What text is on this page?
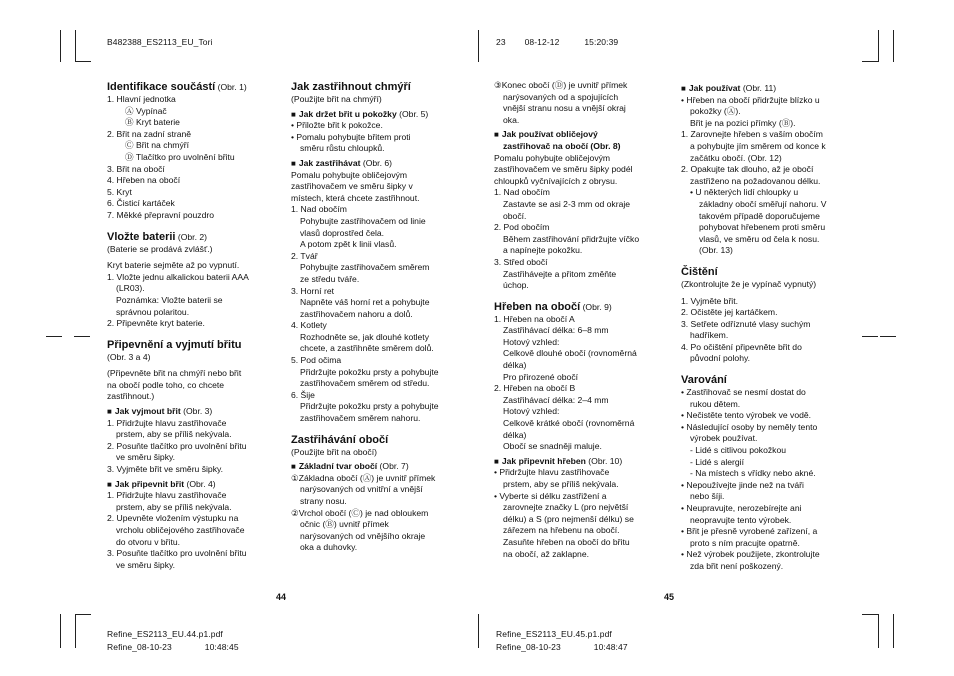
B482388_ES2113_EU_Tori	23 08-12-12	15:20:39

Identifikace součástí (Obr. 1)

1. Hlavní jednotka

Ⓐ Vypínač

Ⓑ Kryt baterie

2. Břit na zadní straně

Ⓒ Břit na chmýří

Ⓓ Tlačítko pro uvolnění břitu

3. Břit na obočí

4. Hřeben na obočí

5. Kryt

6. Čisticí kartáček

7. Měkké přepravní pouzdro

Vložte baterii (Obr. 2)

(Baterie se prodává zvlášť.)

Kryt baterie sejměte až po vypnutí.

1. Vložte jednu alkalickou baterii AAA

(LR03).

Poznámka: Vložte baterii se

správnou polaritou.

2. Připevněte kryt baterie.

Připevnění a vyjmutí břitu

(Obr. 3 a 4)

(Připevněte břit na chmýří nebo břit

na obočí podle toho, co chcete

zastřihnout.)

■ Jak vyjmout břit (Obr. 3)

1. Přidržujte hlavu zastřihovače

prstem, aby se příliš nekývala.

2. Posuňte tlačítko pro uvolnění břitu

ve směru šipky.

3. Vyjměte břit ve směru šipky.

■ Jak připevnit břit (Obr. 4)

1. Přidržujte hlavu zastřihovače

prstem, aby se příliš nekývala.

2. Upevněte vložením výstupku na

vrcholu obličejového zastřihovače

do otvoru v břitu.

3. Posuňte tlačítko pro uvolnění břitu

ve směru šipky.

Jak zastřihnout chmýří

(Použijte břit na chmýří)

■ Jak držet břit u pokožky (Obr. 5)

• Přiložte břit k pokožce.

• Pomalu pohybujte břitem proti

směru růstu chloupků.

■ Jak zastřihávat (Obr. 6)

Pomalu pohybujte obličejovým

zastřihovačem ve směru šipky v

místech, která chcete zastřihnout.

1. Nad obočím

Pohybujte zastřihovačem od linie

vlasů doprostřed čela.

A potom zpět k linii vlasů.

2. Tvář

Pohybujte zastřihovačem směrem

ze středu tváře.

3. Horní ret

Napněte váš horní ret a pohybujte

zastřihovačem nahoru a dolů.

4. Kotlety

Rozhodněte se, jak dlouhé kotlety

chcete, a zastřihněte směrem dolů.

5. Pod očima

Přidržujte pokožku prsty a pohybujte

zastřihovačem směrem od středu.

6. Šije

Přidržujte pokožku prsty a pohybujte

zastřihovačem směrem nahoru.

Zastřihávání obočí

(Použijte břit na obočí)

■ Základní tvar obočí (Obr. 7)

①Základna obočí (Ⓐ) je uvnitř přímek

narýsovaných od vnitřní a vnější

strany nosu.

②Vrchol obočí (Ⓒ) je nad obloukem

očnic (Ⓑ) uvnitř přímek

narýsovaných od vnějšího okraje

oka a duhovky.

③Konec obočí (Ⓓ) je uvnitř přímek

narýsovaných od a spojujících

vnější stranu nosu a vnější okraj

oka.

■ Jak používat obličejový

zastřihovač na obočí (Obr. 8)

Pomalu pohybujte obličejovým

zastřihovačem ve směru šipky podél

chloupků vyčnívajících z obrysu.

1. Nad obočím

Zastavte se asi 2-3 mm od okraje

obočí.

2. Pod obočím

Během zastřihování přidržujte víčko

a napínejte pokožku.

3. Střed obočí

Zastřihávejte a přitom změňte

úchop.

Hřeben na obočí (Obr. 9)

1. Hřeben na obočí A

Zastřihávací délka: 6–8 mm

Hotový vzhled:

Celkově dlouhé obočí (rovnoměrná

délka)

Pro přirozené obočí

2. Hřeben na obočí B

Zastřihávací délka: 2–4 mm

Hotový vzhled:

Celkově krátké obočí (rovnoměrná

délka)

Obočí se snadněji maluje.

■ Jak připevnit hřeben (Obr. 10)

• Přidržujte hlavu zastřihovače

prstem, aby se příliš nekývala.

• Vyberte si délku zastřižení a

zarovnejte značky L (pro největší

délku) a S (pro nejmenší délku) se

zářezem na hřebenu na obočí.

Zasuňte hřeben na obočí do břitu

na obočí, až zaklapne.

■ Jak používat (Obr. 11)

• Hřeben na obočí přidržujte blízko u

pokožky (Ⓐ).

Břit je na pozici přímky (Ⓑ).

1. Zarovnejte hřeben s vaším obočím

a pohybujte jím směrem od konce k

začátku obočí. (Obr. 12)

2. Opakujte tak dlouho, až je obočí

zastřiženo na požadovanou délku.

• U některých lidí chloupky u

základny obočí směřují nahoru. V

takovém případě doporučujeme

pohybovat hřebenem proti směru

vlasů, ve směru od čela k nosu.

(Obr. 13)

Čištění

(Zkontrolujte že je vypínač vypnutý)

1. Vyjměte břit.

2. Očistěte jej kartáčkem.

3. Setřete odříznuté vlasy suchým

hadříkem.

4. Po očištění připevněte břit do

původní polohy.

Varování

• Zastřihovač se nesmí dostat do

rukou dětem.

• Nečistěte tento výrobek ve vodě.

• Následující osoby by neměly tento

výrobek používat.

- Lidé s citlivou pokožkou

- Lidé s alergií

- Na místech s vřídky nebo akné.

• Nepoužívejte jinde než na tváři

nebo šíji.

• Neupravujte, nerozebírejte ani

neopravujte tento výrobek.

• Břit je přesně vyrobené zařízení, a

proto s ním pracujte opatrně.

• Než výrobek použijete, zkontrolujte

zda břit není poškozený.

44	45
Refine_ES2113_EU.44.p1.pdf
Refine_08-10-23	10:48:45
Refine_ES2113_EU.45.p1.pdf
Refine_08-10-23	10:48:47
